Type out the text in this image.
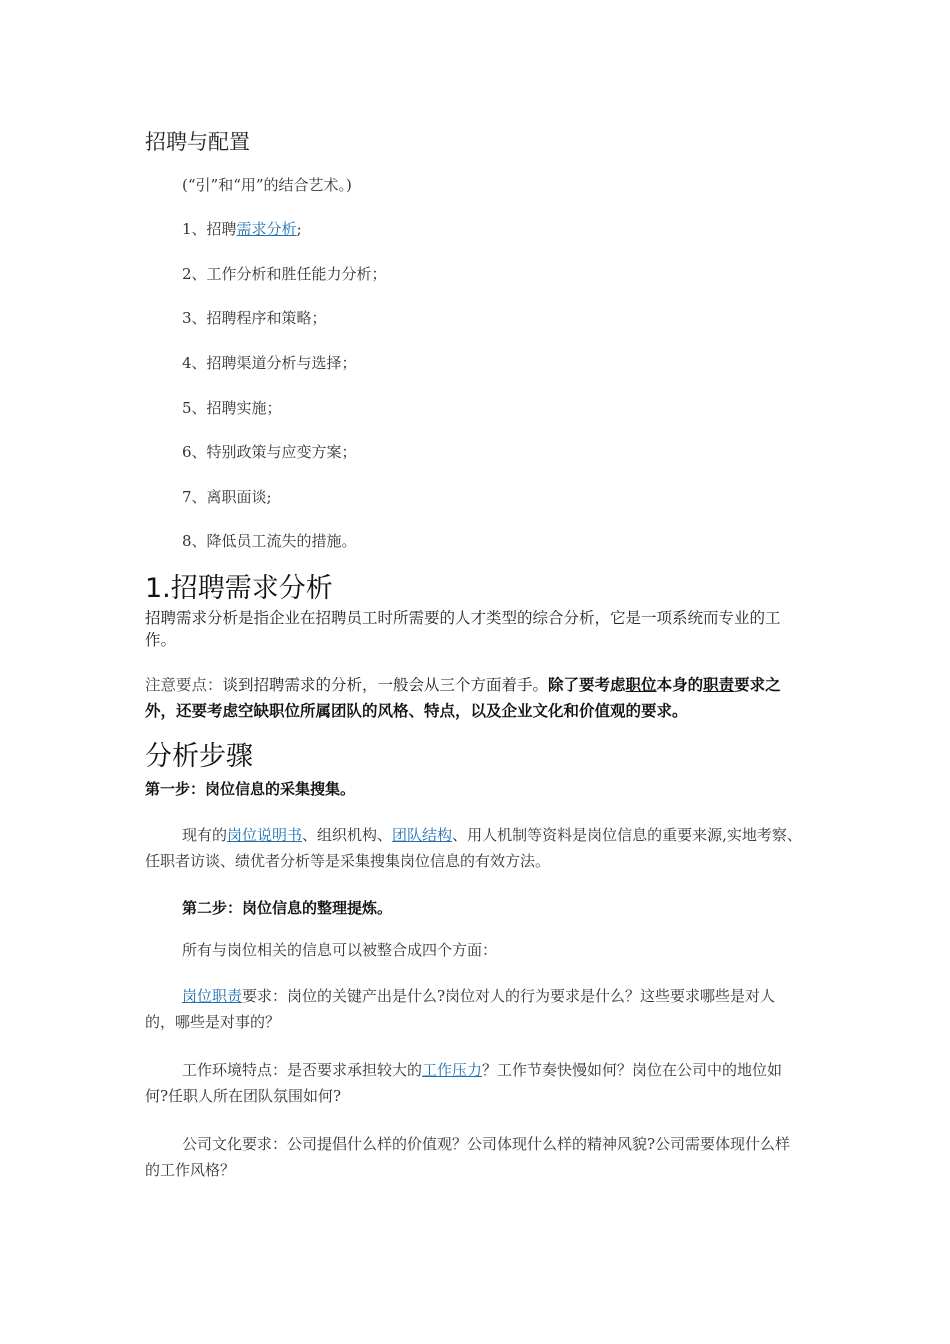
招聘与配置
(“引”和“用”的结合艺术。)
1、招聘需求分析;
2、工作分析和胜任能力分析；
3、招聘程序和策略；
4、招聘渠道分析与选择；
5、招聘实施；
6、特别政策与应变方案；
7、离职面谈;
8、降低员工流失的措施。
1.招聘需求分析
招聘需求分析是指企业在招聘员工时所需要的人才类型的综合分析，它是一项系统而专业的工作。
注意要点：谈到招聘需求的分析，一般会从三个方面着手。除了要考虑职位本身的职责要求之外，还要考虑空缺职位所属团队的风格、特点，以及企业文化和价值观的要求。
分析步骤
第一步：岗位信息的采集搜集。
现有的岗位说明书、组织机构、团队结构、用人机制等资料是岗位信息的重要来源,实地考察、任职者访谈、绩优者分析等是采集搜集岗位信息的有效方法。
第二步：岗位信息的整理提炼。
所有与岗位相关的信息可以被整合成四个方面：
岗位职责要求：岗位的关键产出是什么?岗位对人的行为要求是什么？这些要求哪些是对人的，哪些是对事的？
工作环境特点：是否要求承担较大的工作压力？工作节奏快慢如何？岗位在公司中的地位如何?任职人所在团队氛围如何?
公司文化要求：公司提倡什么样的价值观？公司体现什么样的精神风貌?公司需要体现什么样的工作风格？
